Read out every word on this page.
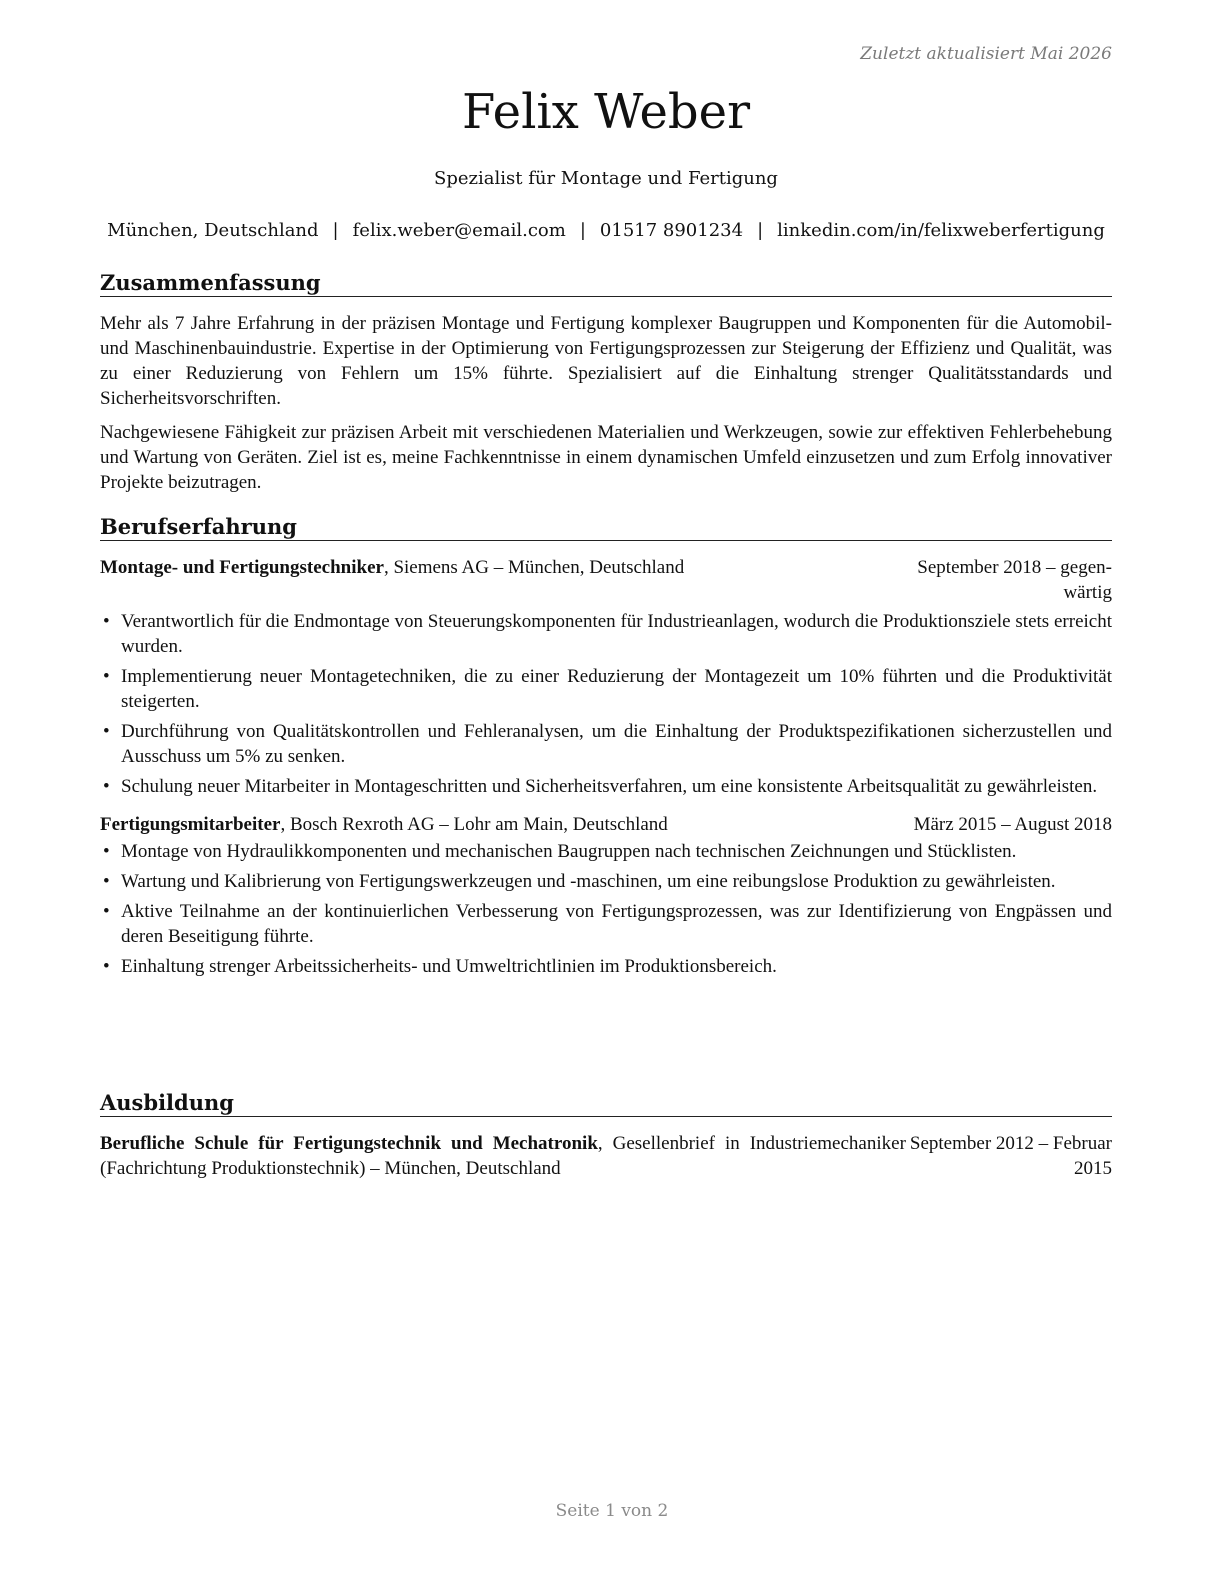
Zuletzt aktualisiert Mai 2026
Felix Weber
Spezialist für Montage und Fertigung
München, Deutschland | felix.weber@email.com | 01517 8901234 | linkedin.com/in/felixweberfertigung
Zusammenfassung

Mehr als 7 Jahre Erfahrung in der präzisen Montage und Fertigung komplexer Baugruppen und Komponenten für die Automobil- und Maschinenbauindustrie. Expertise in der Optimierung von Fertigungsprozessen zur Steigerung der Effizienz und Qualität, was zu einer Reduzierung von Fehlern um 15% führte. Spezialisiert auf die Einhaltung strenger Qualitätsstandards und Sicherheitsvorschriften.

Nachgewiesene Fähigkeit zur präzisen Arbeit mit verschiedenen Materialien und Werkzeugen, sowie zur effektiven Fehlerbehebung und Wartung von Geräten. Ziel ist es, meine Fachkenntnisse in einem dynamischen Umfeld einzusetzen und zum Erfolg innovativer Projekte beizutragen.

Berufserfahrung
Montage- und Fertigungstechniker, Siemens AG – München, Deutschland	September 2018 – gegen-
wärtig
• Verantwortlich für die Endmontage von Steuerungskomponenten für Industrieanlagen, wodurch die Produktionsziele stets erreicht wurden.
• Implementierung neuer Montagetechniken, die zu einer Reduzierung der Montagezeit um 10% führten und die Produktivität steigerten.
• Durchführung von Qualitätskontrollen und Fehleranalysen, um die Einhaltung der Produktspezifikationen sicherzustellen und Ausschuss um 5% zu senken.
• Schulung neuer Mitarbeiter in Montageschritten und Sicherheitsverfahren, um eine konsistente Arbeitsqualität zu gewährleisten.
Fertigungsmitarbeiter, Bosch Rexroth AG – Lohr am Main, Deutschland	März 2015 – August 2018
• Montage von Hydraulikkomponenten und mechanischen Baugruppen nach technischen Zeichnungen und Stücklisten.
• Wartung und Kalibrierung von Fertigungswerkzeugen und -maschinen, um eine reibungslose Produktion zu gewährleisten.
• Aktive Teilnahme an der kontinuierlichen Verbesserung von Fertigungsprozessen, was zur Identifizierung von Engpässen und deren Beseitigung führte.
• Einhaltung strenger Arbeitssicherheits- und Umweltrichtlinien im Produktionsbereich.
Ausbildung
Berufliche Schule für Fertigungstechnik und Mechatronik, Gesellenbrief in Industriemechaniker (Fachrichtung Produktionstechnik) – München, Deutschland
September 2012 – Februar
2015
Seite 1 von 2
